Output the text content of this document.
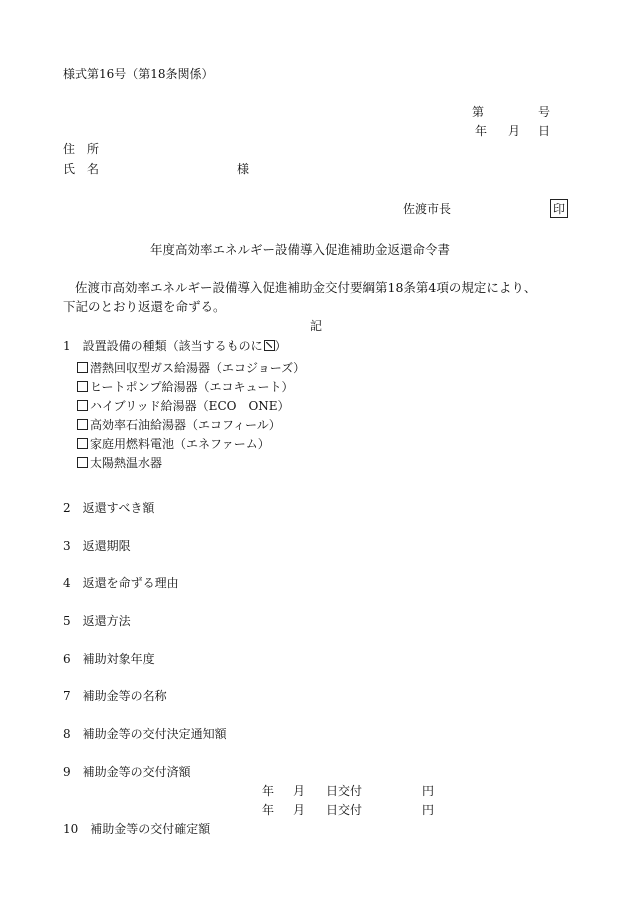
様式第16号（第18条関係）
第	号
年 月 日
住　所
氏　名	様
佐渡市長	印
年度高効率エネルギー設備導入促進補助金返還命令書
佐渡市高効率エネルギー設備導入促進補助金交付要綱第18条第4項の規定により、
下記のとおり返還を命ずる。
記
1　設置設備の種類（該当するものに ）
潜熱回収型ガス給湯器（エコジョーズ）
ヒートポンプ給湯器（エコキュート）
ハイブリッド給湯器（ECO　ONE）
高効率石油給湯器（エコフィール）
家庭用燃料電池（エネファーム）
太陽熱温水器
2　返還すべき額
3　返還期限
4　返還を命ずる理由
5　返還方法
6　補助対象年度
7　補助金等の名称
8　補助金等の交付決定通知額
9　補助金等の交付済額
年 月 日交付	円
年 月 日交付	円
10　補助金等の交付確定額
